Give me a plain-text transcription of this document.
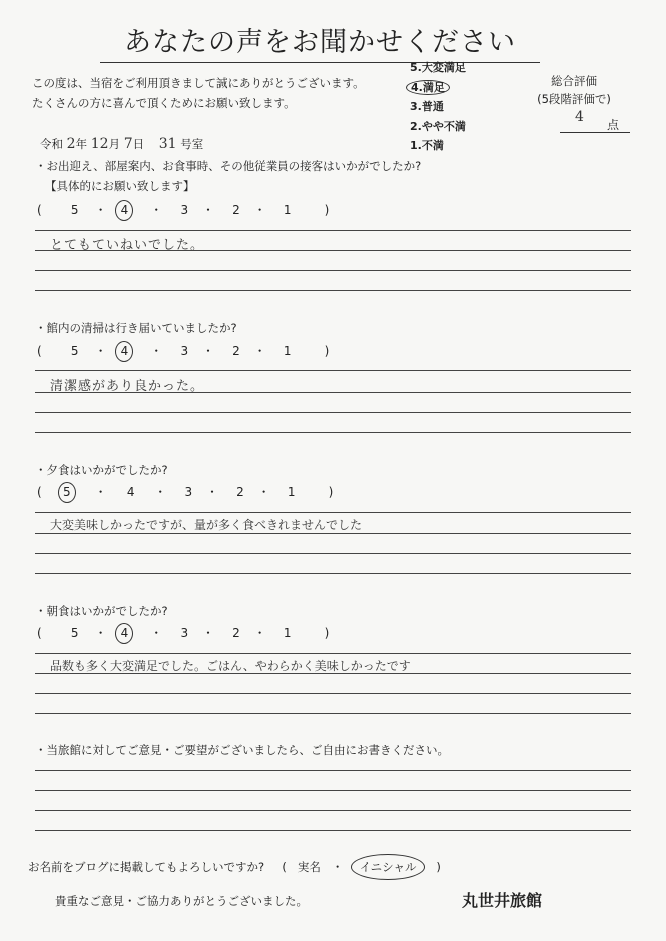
あなたの声をお聞かせください
この度は、当宿をご利用頂きまして誠にありがとうございます。
たくさんの方に喜んで頂くためにお願い致します。
5.大変満足
4.満足
3.普通
2.やや不満
1.不満
総合評価
(5段階評価で)
4 点
令和 2年 12月 7日 31 号室
・お出迎え、部屋案内、お食事時、その他従業員の接客はいかがでしたか?
【具体的にお願い致します】
( 5 ・ 4 ・ 3 ・ 2 ・ 1	)
とてもていねいでした。
・館内の清掃は行き届いていましたか?
( 5 ・ 4 ・ 3 ・ 2 ・ 1	)
清潔感があり良かった。
・夕食はいかがでしたか?
( 5 ・ 4 ・ 3 ・ 2 ・ 1	)
大変美味しかったですが、量が多く食べきれませんでした
・朝食はいかがでしたか?
( 5 ・ 4 ・ 3 ・ 2 ・ 1	)
品数も多く大変満足でした。ごはん、やわらかく美味しかったです
・当旅館に対してご意見・ご要望がございましたら、ご自由にお書きください。
お名前をブログに掲載してもよろしいですか? ( 実名 ・ イニシャル )
貴重なご意見・ご協力ありがとうございました。	丸世井旅館
